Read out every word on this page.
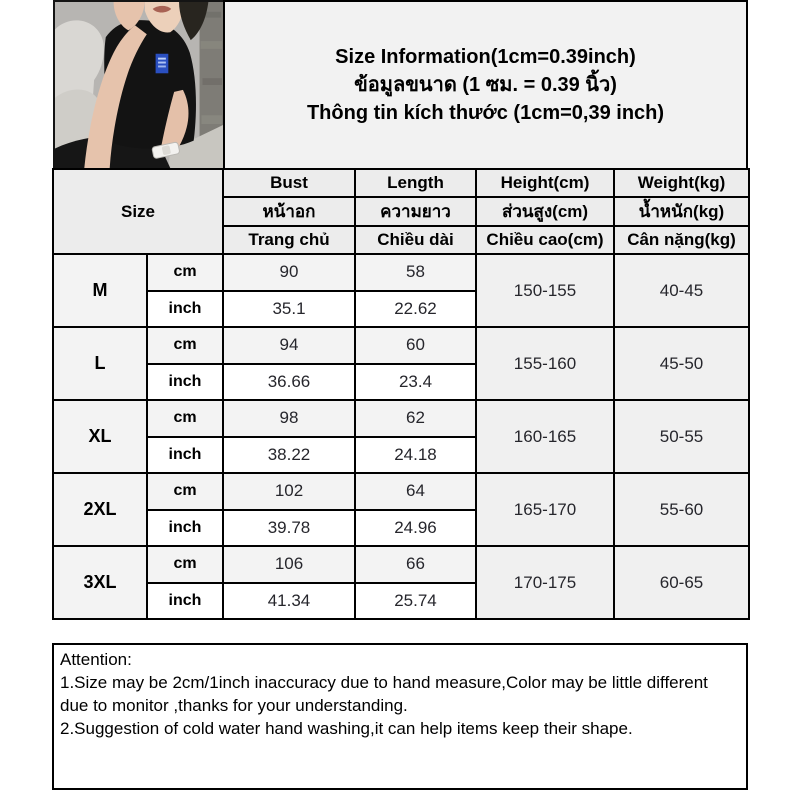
Size Information(1cm=0.39inch)
ข้อมูลขนาด (1 ซม. = 0.39 นิ้ว)
Thông tin kích thước (1cm=0,39 inch)
Size		Bust	Length	Height(cm)	Weight(kg)
		หน้าอก	ความยาว	ส่วนสูง(cm)	น้ำหนัก(kg)
		Trang chủ	Chiều dài	Chiều cao(cm)	Cân nặng(kg)
M	cm	90	58	150-155	40-45
	inch	35.1	22.62		
L	cm	94	60	155-160	45-50
	inch	36.66	23.4		
XL	cm	98	62	160-165	50-55
	inch	38.22	24.18		
2XL	cm	102	64	165-170	55-60
	inch	39.78	24.96		
3XL	cm	106	66	170-175	60-65
	inch	41.34	25.74		
Attention:
1.Size may be 2cm/1inch inaccuracy due to hand measure,Color may be little different due to monitor ,thanks for your understanding.
2.Suggestion of cold water hand washing,it can help items keep their shape.
